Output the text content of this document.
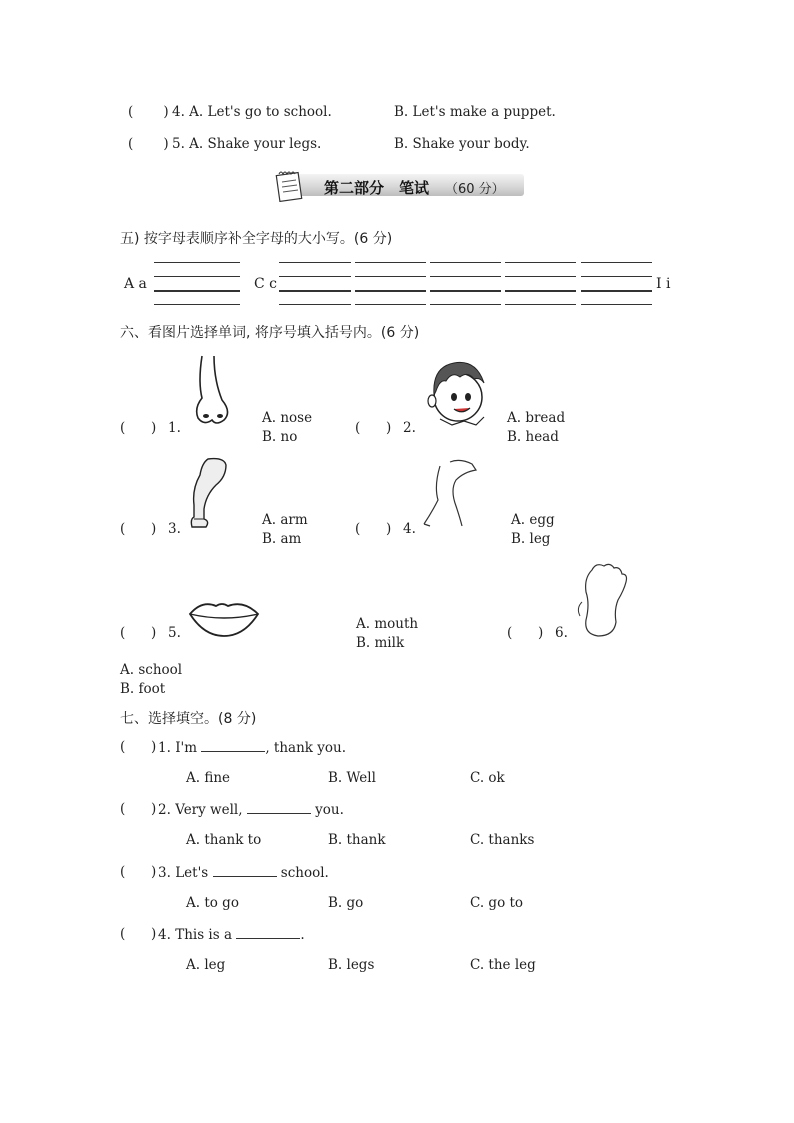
( ) 4. A. Let's go to school.	B. Let's make a puppet.
( ) 5. A. Shake your legs.	B. Shake your body.
第二部分　笔试 （60 分）
五) 按字母表顺序补全字母的大小写。(6 分)
A a	C c	I i
六、看图片选择单词, 将序号填入括号内。(6 分)
(      ) 1.
A. nose
B. no
(      ) 2.
A. bread
B. head
(      ) 3.
A. arm
B. am
(      ) 4.
A. egg
B. leg
(      ) 5.
A. mouth
B. milk
(      ) 6.
A. school
B. foot
七、选择填空。(8 分)
(      ) 1. I'm	, thank you.
A. fine	B. Well	C. ok
(      ) 2. Very well,	you.
A. thank to	B. thank	C. thanks
(      ) 3. Let's	school.
A. to go	B. go	C. go to
(      ) 4. This is a	.
A. leg	B. legs	C. the leg
